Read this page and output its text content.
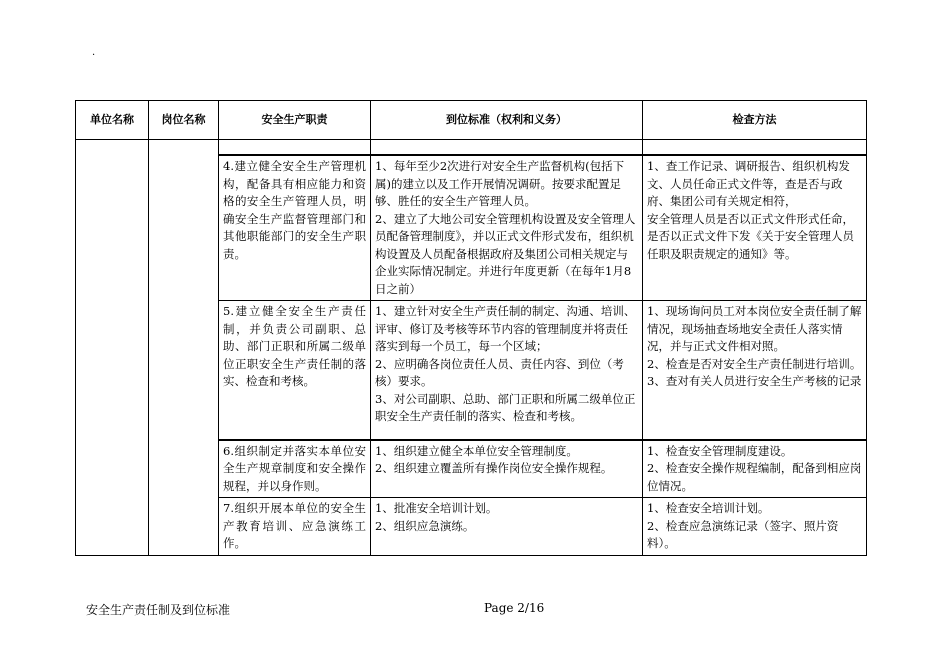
.
单位名称	岗位名称	安全生产职责	到位标准（权利和义务）	检查方法

		4.建立健全安全生产管理机构，配备具有相应能力和资格的安全生产管理人员，明确安全生产监督管理部门和其他职能部门的安全生产职责。	1、每年至少2次进行对安全生产监督机构(包括下属)的建立以及工作开展情况调研。按要求配置足够、胜任的安全生产管理人员。
2、建立了大地公司安全管理机构设置及安全管理人员配备管理制度》，并以正式文件形式发布，组织机构设置及人员配备根据政府及集团公司相关规定与企业实际情况制定。并进行年度更新（在每年1月8日之前）	1、查工作记录、调研报告、组织机构发文、人员任命正式文件等，查是否与政府、集团公司有关规定相符，
安全管理人员是否以正式文件形式任命，是否以正式文件下发《关于安全管理人员任职及职责规定的通知》等。

		5.建立健全安全生产责任制，并负责公司副职、总助、部门正职和所属二级单位正职安全生产责任制的落实、检查和考核。	1、建立针对安全生产责任制的制定、沟通、培训、评审、修订及考核等环节内容的管理制度并将责任落实到每一个员工，每一个区域；
2、应明确各岗位责任人员、责任内容、到位（考核）要求。
3、对公司副职、总助、部门正职和所属二级单位正职安全生产责任制的落实、检查和考核。	1、现场询问员工对本岗位安全责任制了解情况，现场抽查场地安全责任人落实情况，并与正式文件相对照。
2、检查是否对安全生产责任制进行培训。
3、查对有关人员进行安全生产考核的记录

		6.组织制定并落实本单位安全生产规章制度和安全操作规程，并以身作则。	1、组织建立健全本单位安全管理制度。
2、组织建立覆盖所有操作岗位安全操作规程。	1、检查安全管理制度建设。
2、检查安全操作规程编制，配备到相应岗位情况。

		7.组织开展本单位的安全生产教育培训、应急演练工作。	1、批准安全培训计划。
2、组织应急演练。	1、检查安全培训计划。
2、检查应急演练记录（签字、照片资料）。
安全生产责任制及到位标准	Page 2/16
